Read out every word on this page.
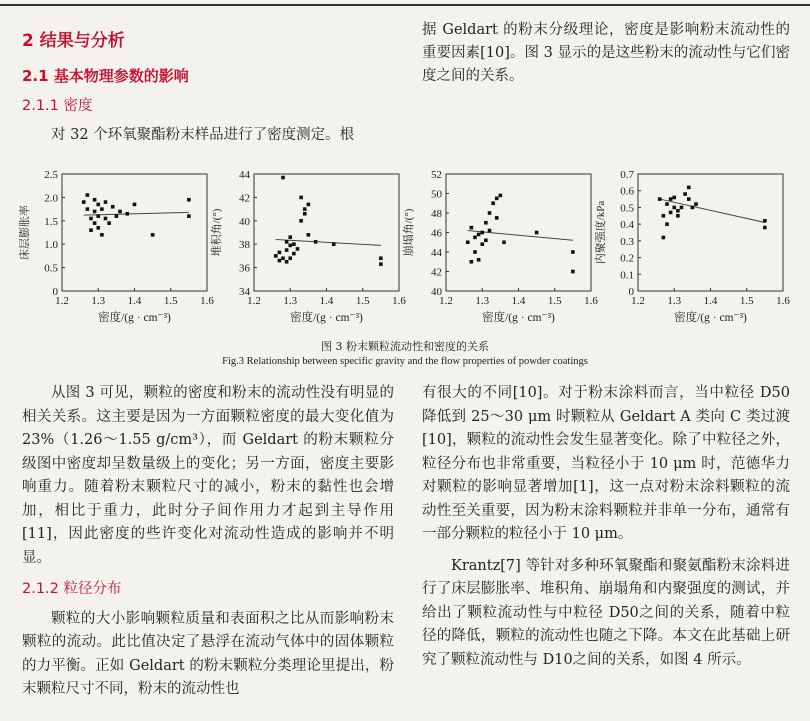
2 结果与分析
2.1 基本物理参数的影响
2.1.1 密度

对 32 个环氧聚酯粉末样品进行了密度测定。根

据 Geldart 的粉末分级理论，密度是影响粉末流动性的重要因素[10]。图 3 显示的是这些粉末的流动性与它们密度之间的关系。

1.2 1.3 1.4 1.5 1.6
0
0.5
1.0
1.5
2.0
2.5
床层膨胀率
密度/(g · cm⁻³)
1.2 1.3 1.4 1.5 1.6
34
36
38
40
42
44
堆积角/(°)
密度/(g · cm⁻³)
1.2 1.3 1.4 1.5 1.6
40
42
44
46
48
50
52
崩塌角/(°)
密度/(g · cm⁻³)
1.2 1.3 1.4 1.5 1.6
0
0.1
0.2
0.3
0.4
0.5
0.6
0.7
内聚强度/kPa
密度/(g · cm⁻³)
图 3 粉末颗粒流动性和密度的关系
Fig.3 Relationship between specific gravity and the flow properties of powder coatings

从图 3 可见，颗粒的密度和粉末的流动性没有明显的相关关系。这主要是因为一方面颗粒密度的最大变化值为 23%（1.26～1.55 g/cm³），而 Geldart 的粉末颗粒分级图中密度却呈数量级上的变化；另一方面，密度主要影响重力。随着粉末颗粒尺寸的减小，粉末的黏性也会增加，相比于重力，此时分子间作用力才起到主导作用[11]，因此密度的些许变化对流动性造成的影响并不明显。

2.1.2 粒径分布

颗粒的大小影响颗粒质量和表面积之比从而影响粉末颗粒的流动。此比值决定了悬浮在流动气体中的固体颗粒的力平衡。正如 Geldart 的粉末颗粒分类理论里提出，粉末颗粒尺寸不同，粉末的流动性也

有很大的不同[10]。对于粉末涂料而言，当中粒径 D50 降低到 25～30 μm 时颗粒从 Geldart A 类向 C 类过渡[10]，颗粒的流动性会发生显著变化。除了中粒径之外，粒径分布也非常重要，当粒径小于 10 μm 时，范德华力对颗粒的影响显著增加[1]，这一点对粉末涂料颗粒的流动性至关重要，因为粉末涂料颗粒并非单一分布，通常有一部分颗粒的粒径小于 10 μm。

Krantz[7] 等针对多种环氧聚酯和聚氨酯粉末涂料进行了床层膨胀率、堆积角、崩塌角和内聚强度的测试，并给出了颗粒流动性与中粒径 D50之间的关系，随着中粒径的降低，颗粒的流动性也随之下降。本文在此基础上研究了颗粒流动性与 D10之间的关系，如图 4 所示。
